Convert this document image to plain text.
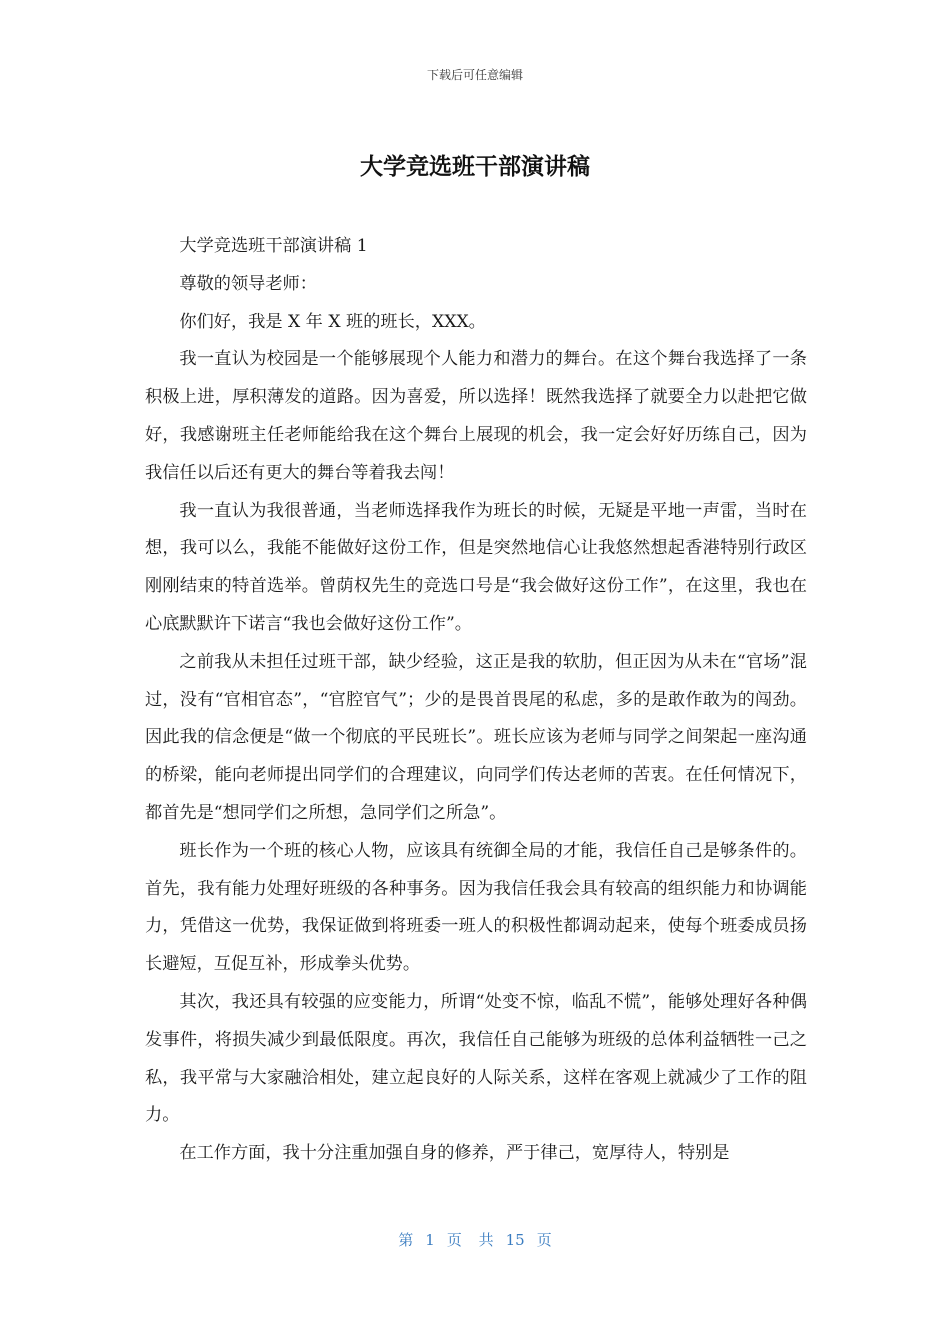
下载后可任意编辑
大学竞选班干部演讲稿

大学竞选班干部演讲稿 1

尊敬的领导老师：

你们好，我是 X 年 X 班的班长，XXX。

我一直认为校园是一个能够展现个人能力和潜力的舞台。在这个舞台我选择了一条积极上进，厚积薄发的道路。因为喜爱，所以选择！既然我选择了就要全力以赴把它做好，我感谢班主任老师能给我在这个舞台上展现的机会，我一定会好好历练自己，因为我信任以后还有更大的舞台等着我去闯！

我一直认为我很普通，当老师选择我作为班长的时候，无疑是平地一声雷，当时在想，我可以么，我能不能做好这份工作，但是突然地信心让我悠然想起香港特别行政区刚刚结束的特首选举。曾荫权先生的竞选口号是“我会做好这份工作”，在这里，我也在心底默默许下诺言“我也会做好这份工作”。

之前我从未担任过班干部，缺少经验，这正是我的软肋，但正因为从未在“官场”混过，没有“官相官态”，“官腔官气”；少的是畏首畏尾的私虑，多的是敢作敢为的闯劲。因此我的信念便是“做一个彻底的平民班长”。班长应该为老师与同学之间架起一座沟通的桥梁，能向老师提出同学们的合理建议，向同学们传达老师的苦衷。在任何情况下，都首先是“想同学们之所想，急同学们之所急”。

班长作为一个班的核心人物，应该具有统御全局的才能，我信任自己是够条件的。首先，我有能力处理好班级的各种事务。因为我信任我会具有较高的组织能力和协调能力，凭借这一优势，我保证做到将班委一班人的积极性都调动起来，使每个班委成员扬长避短，互促互补，形成拳头优势。

其次，我还具有较强的应变能力，所谓“处变不惊，临乱不慌”，能够处理好各种偶发事件，将损失减少到最低限度。再次，我信任自己能够为班级的总体利益牺牲一己之私，我平常与大家融洽相处，建立起良好的人际关系，这样在客观上就减少了工作的阻力。

在工作方面，我十分注重加强自身的修养，严于律己，宽厚待人，特别是

第 1 页 共 15 页
